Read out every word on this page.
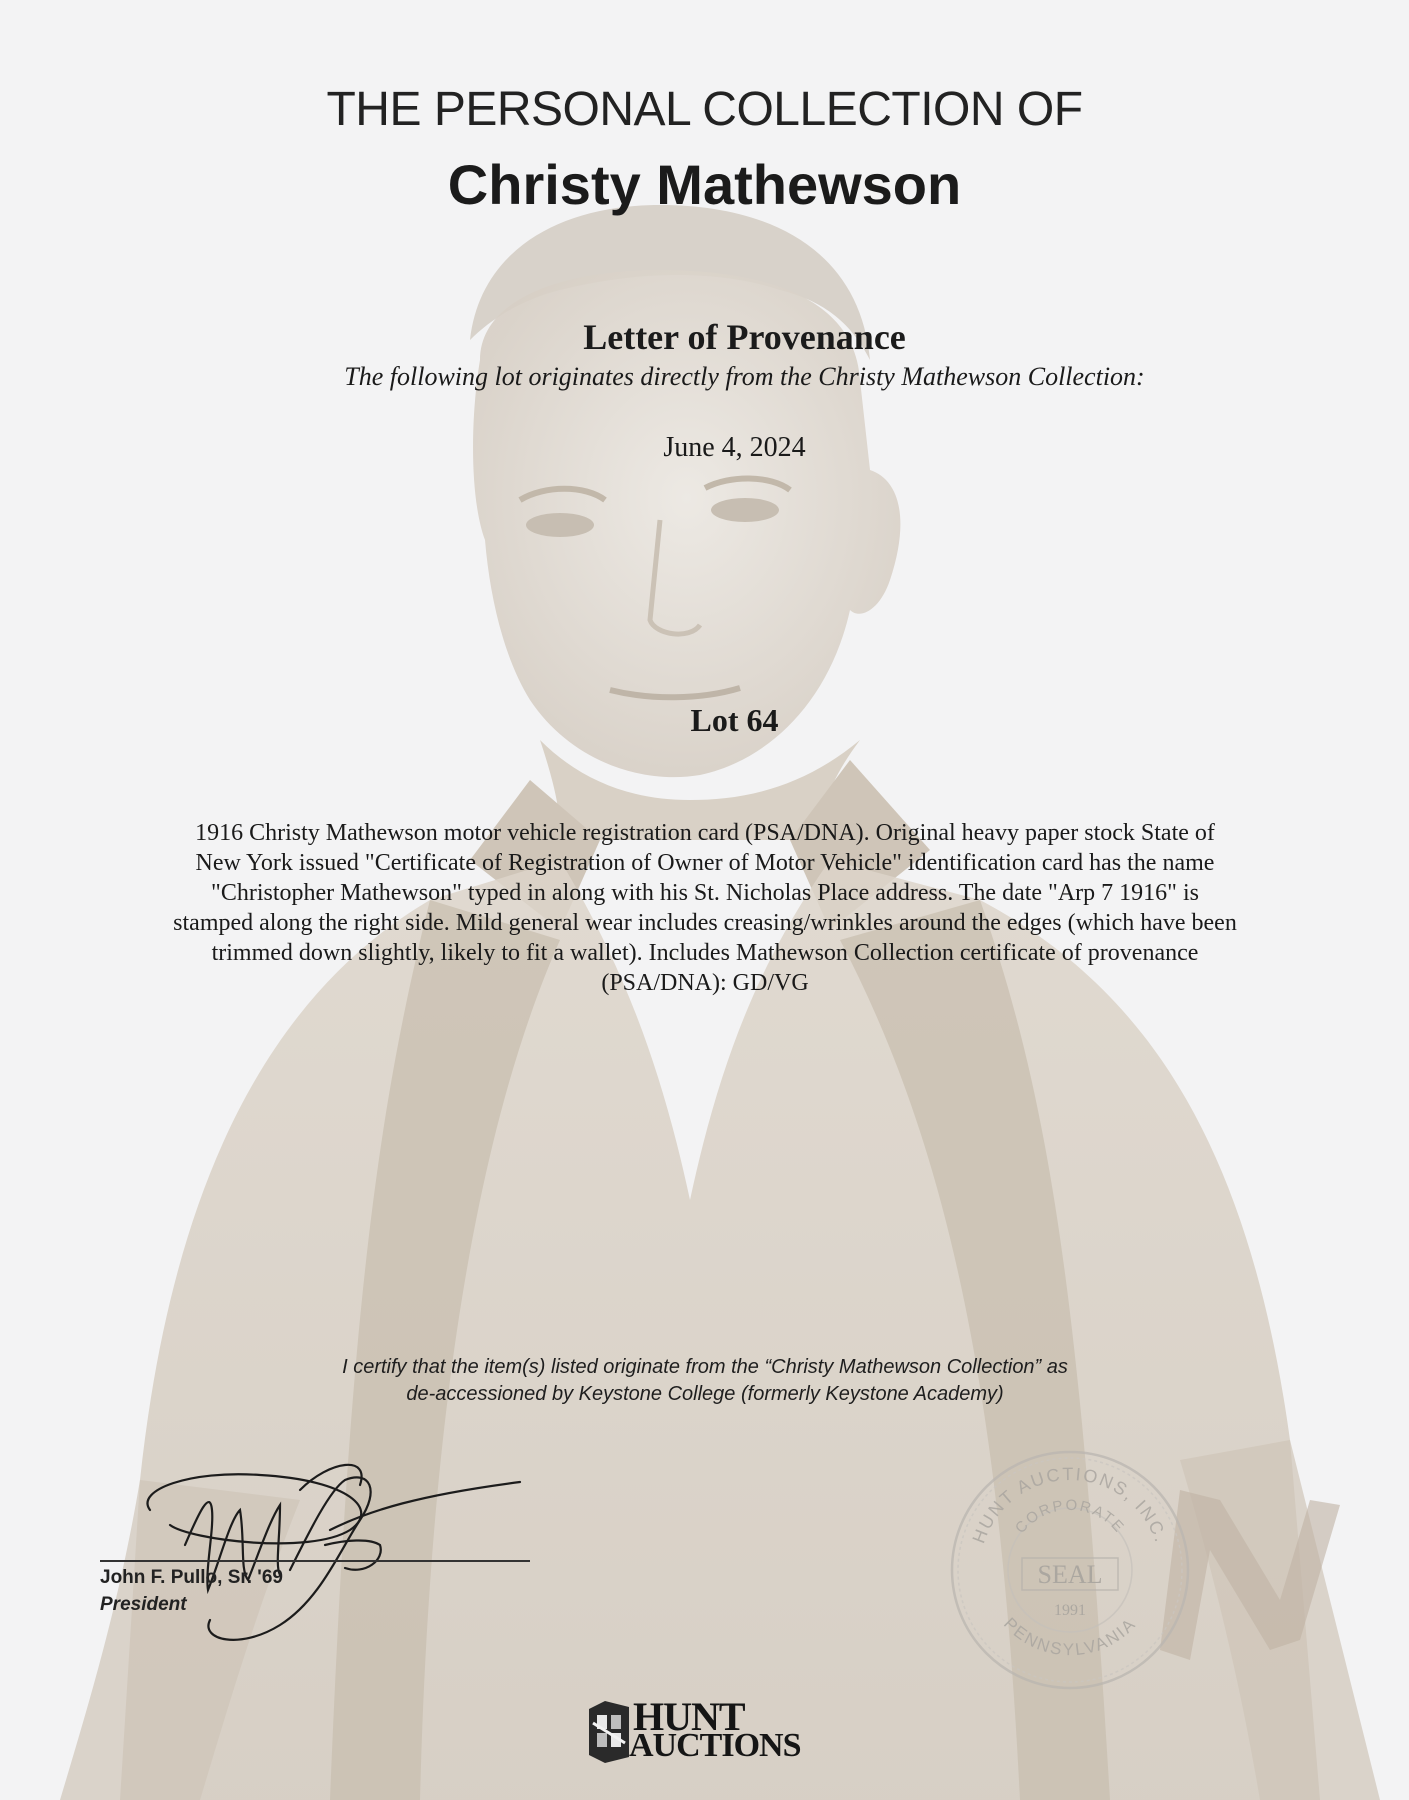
THE PERSONAL COLLECTION OF
Christy Mathewson
Letter of Provenance
The following lot originates directly from the Christy Mathewson Collection:
June 4, 2024
Lot 64
1916 Christy Mathewson motor vehicle registration card (PSA/DNA). Original heavy paper stock State of New York issued "Certificate of Registration of Owner of Motor Vehicle" identification card has the name "Christopher Mathewson" typed in along with his St. Nicholas Place address. The date "Arp 7 1916" is stamped along the right side. Mild general wear includes creasing/wrinkles around the edges (which have been trimmed down slightly, likely to fit a wallet). Includes Mathewson Collection certificate of provenance (PSA/DNA): GD/VG
I certify that the item(s) listed originate from the “Christy Mathewson Collection” as
de-accessioned by Keystone College (formerly Keystone Academy)
John F. Pullo, Sr. '69
President
HUNT AUCTIONS, INC.
CORPORATE
SEAL
1991
PENNSYLVANIA
HUNT
AUCTIONS
